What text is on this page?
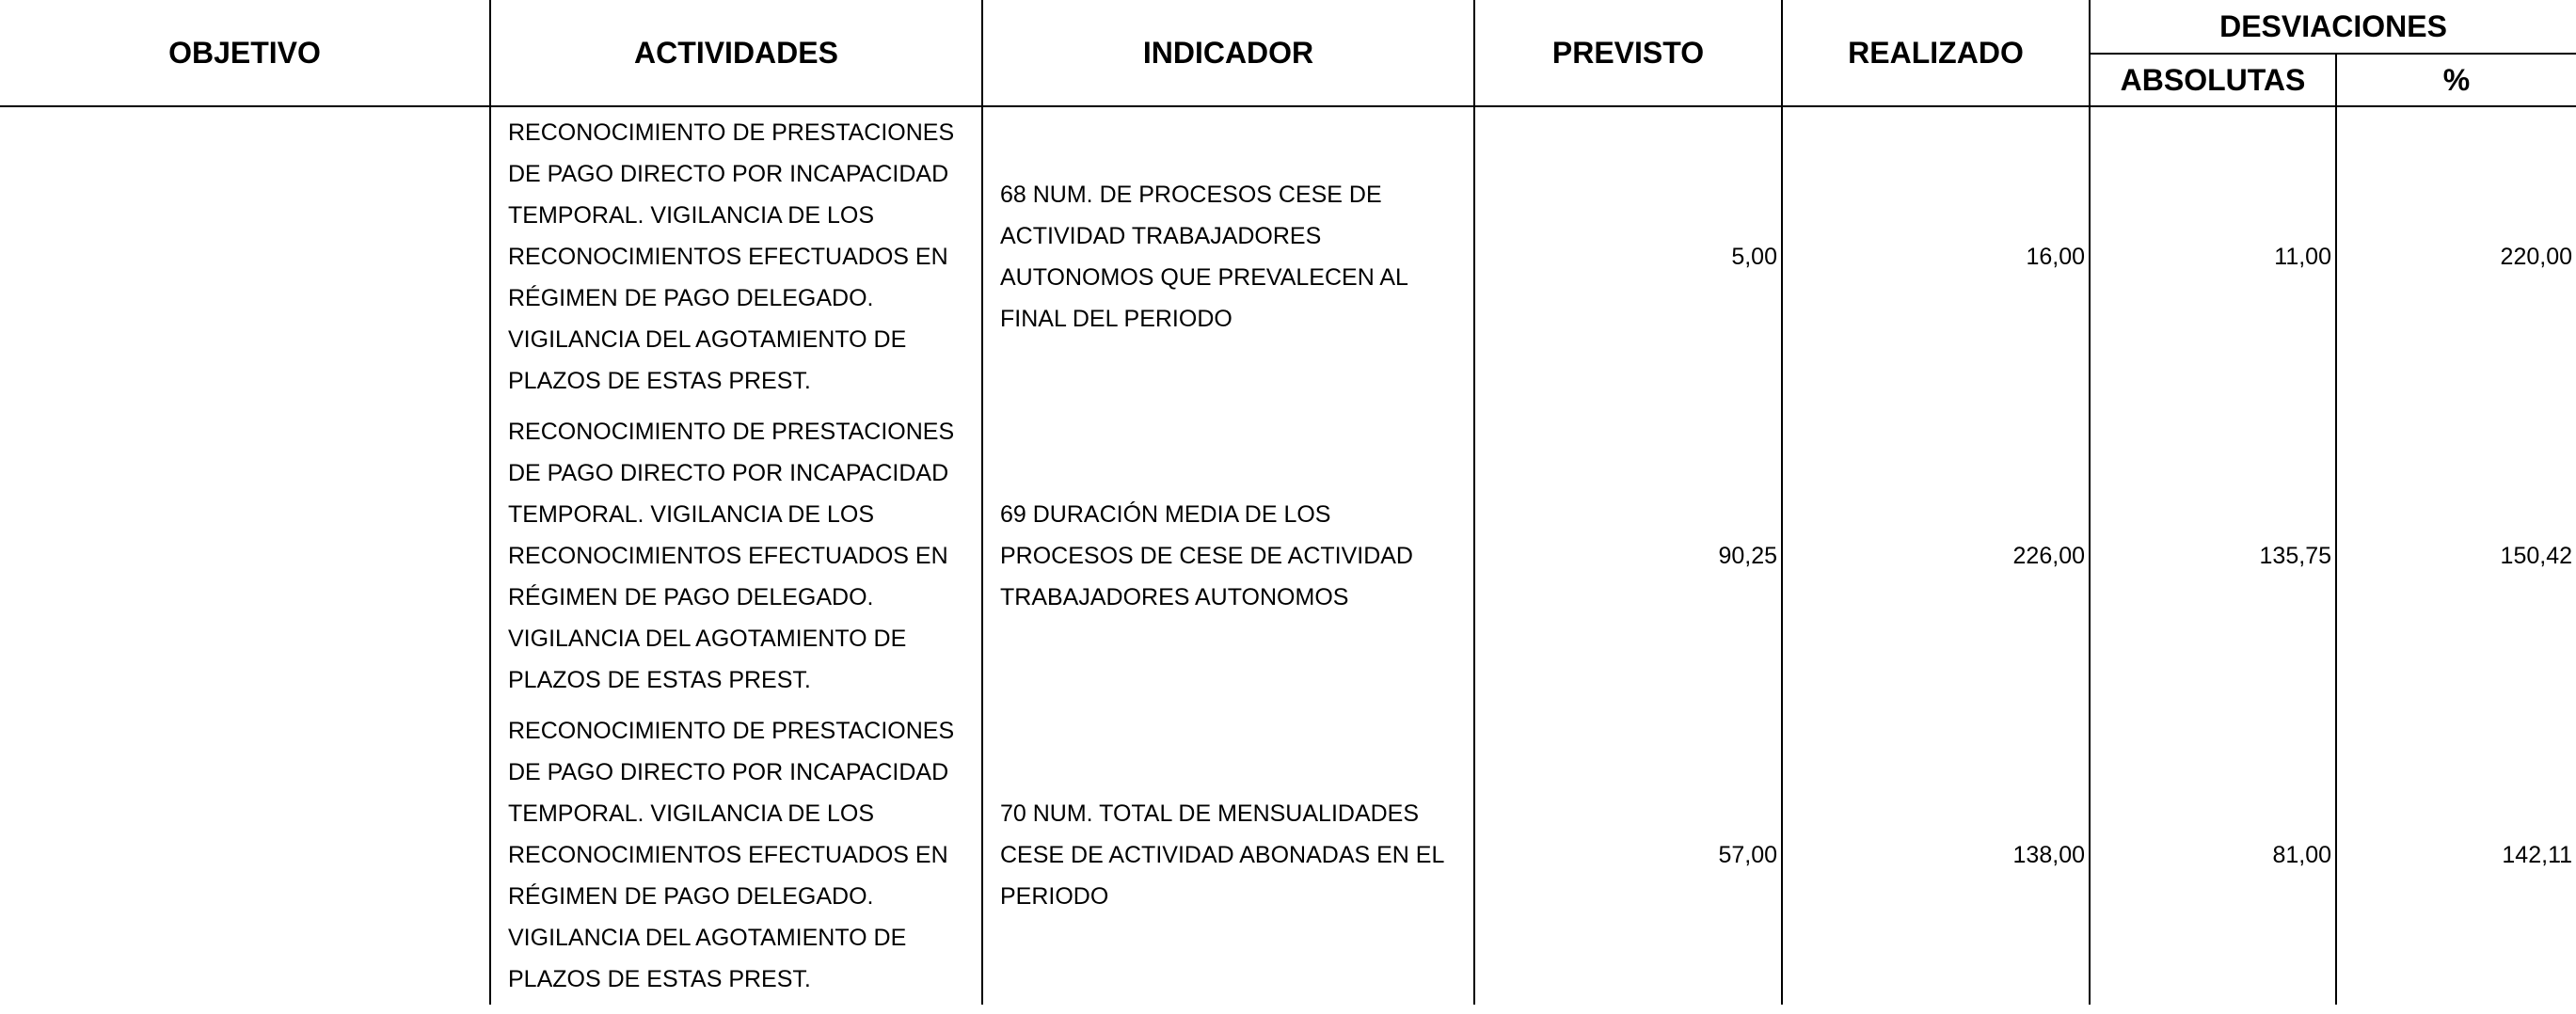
OBJETIVO	ACTIVIDADES	INDICADOR	PREVISTO	REALIZADO	DESVIACIONES	
					ABSOLUTAS	%
	RECONOCIMIENTO DE PRESTACIONES DE PAGO DIRECTO POR INCAPACIDAD TEMPORAL. VIGILANCIA DE LOS RECONOCIMIENTOS EFECTUADOS EN RÉGIMEN DE PAGO DELEGADO. VIGILANCIA DEL AGOTAMIENTO DE PLAZOS DE ESTAS PREST.	68 NUM. DE PROCESOS CESE DE ACTIVIDAD TRABAJADORES AUTONOMOS QUE PREVALECEN AL FINAL DEL PERIODO	5,00	16,00	11,00	220,00
	RECONOCIMIENTO DE PRESTACIONES DE PAGO DIRECTO POR INCAPACIDAD TEMPORAL. VIGILANCIA DE LOS RECONOCIMIENTOS EFECTUADOS EN RÉGIMEN DE PAGO DELEGADO. VIGILANCIA DEL AGOTAMIENTO DE PLAZOS DE ESTAS PREST.	69 DURACIÓN MEDIA DE LOS PROCESOS DE CESE DE ACTIVIDAD TRABAJADORES AUTONOMOS	90,25	226,00	135,75	150,42
	RECONOCIMIENTO DE PRESTACIONES DE PAGO DIRECTO POR INCAPACIDAD TEMPORAL. VIGILANCIA DE LOS RECONOCIMIENTOS EFECTUADOS EN RÉGIMEN DE PAGO DELEGADO. VIGILANCIA DEL AGOTAMIENTO DE PLAZOS DE ESTAS PREST.	70 NUM. TOTAL DE MENSUALIDADES CESE DE ACTIVIDAD ABONADAS EN EL PERIODO	57,00	138,00	81,00	142,11
